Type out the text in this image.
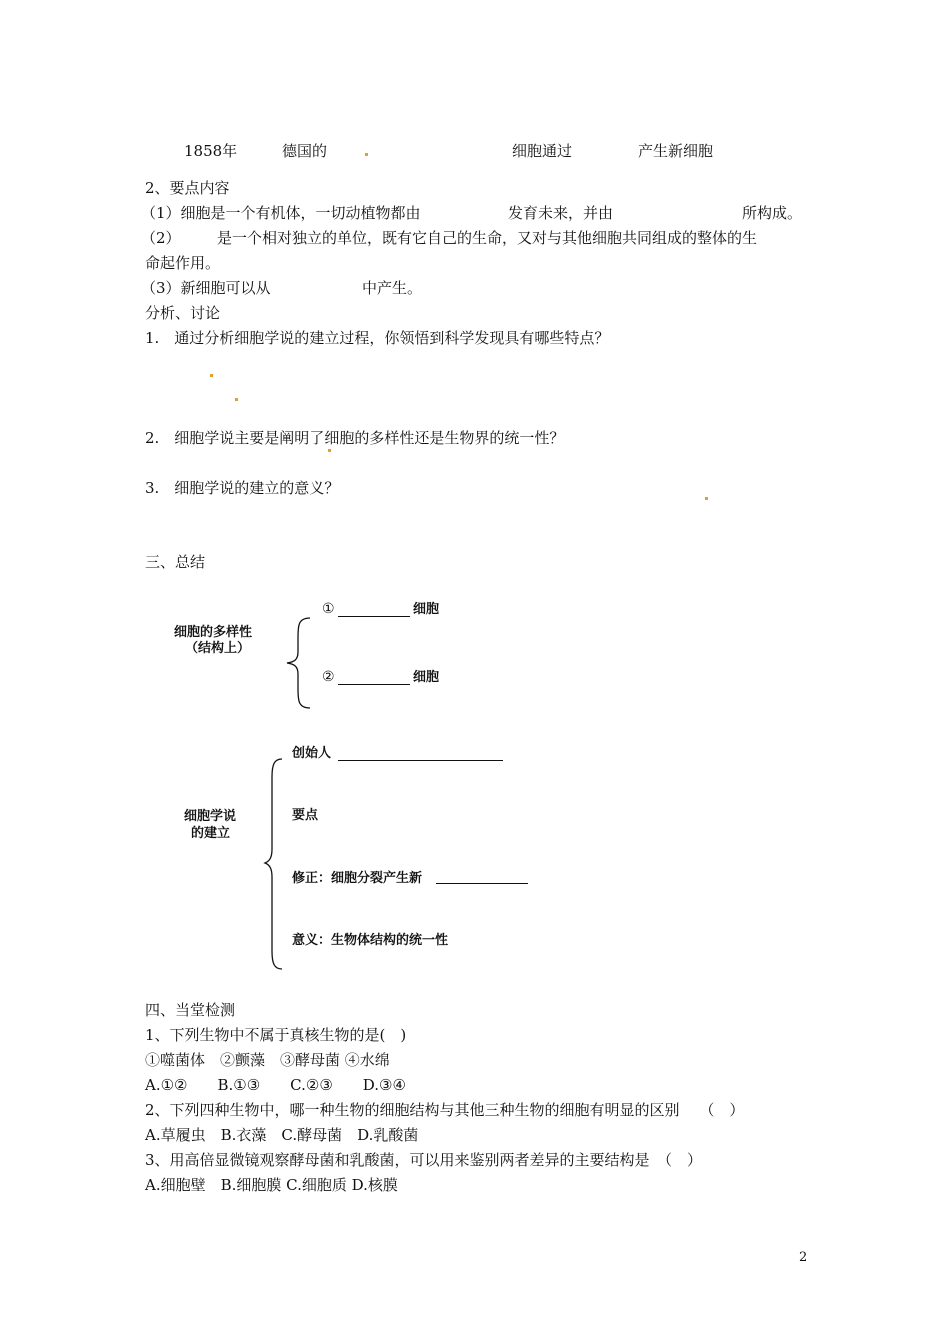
1858年	德国的	细胞通过	产生新细胞
2、要点内容
（1）细胞是一个有机体，一切动植物都由	发育未来，并由	所构成。
（2） 是一个相对独立的单位，既有它自己的生命，又对与其他细胞共同组成的整体的生
命起作用。
（3）新细胞可以从	中产生。
分析、讨论
1.　通过分析细胞学说的建立过程，你领悟到科学发现具有哪些特点？
2.　细胞学说主要是阐明了细胞的多样性还是生物界的统一性？
3.　细胞学说的建立的意义？
三、总结
细胞的多样性
（结构上）
①	细胞
②	细胞
细胞学说
的建立
创始人
要点
修正：细胞分裂产生新
意义：生物体结构的统一性
四、当堂检测
1、下列生物中不属于真核生物的是(　)
①噬菌体　②颤藻　③酵母菌 ④水绵
A.①②　　B.①③　　C.②③　　D.③④
2、下列四种生物中，哪一种生物的细胞结构与其他三种生物的细胞有明显的区别　 （　）
A.草履虫　B.衣藻　C.酵母菌　D.乳酸菌
3、用高倍显微镜观察酵母菌和乳酸菌，可以用来鉴别两者差异的主要结构是　（　）
A.细胞壁　B.细胞膜 C.细胞质 D.核膜
2
